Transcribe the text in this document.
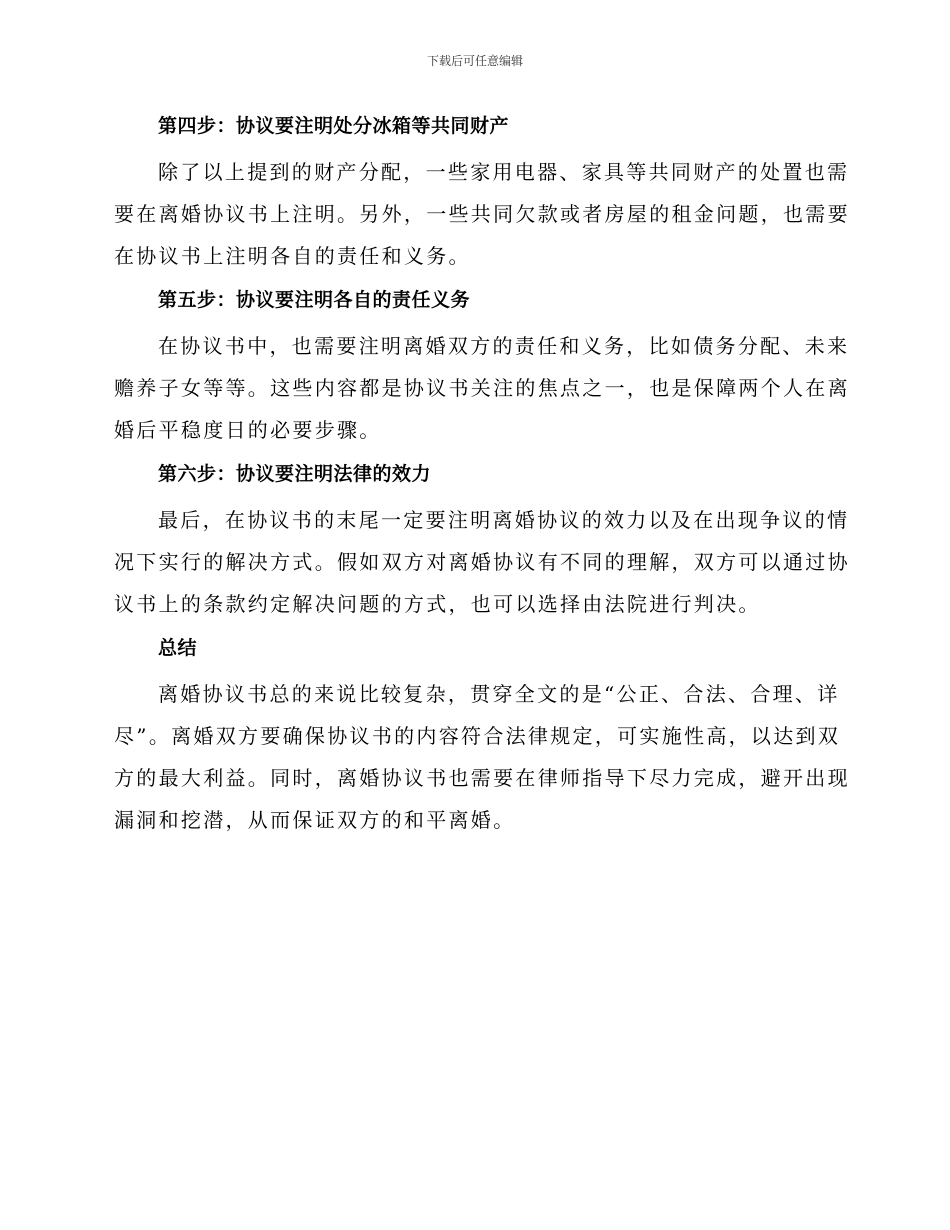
下载后可任意编辑
第四步：协议要注明处分冰箱等共同财产

除了以上提到的财产分配，一些家用电器、家具等共同财产的处置也需
要在离婚协议书上注明。另外，一些共同欠款或者房屋的租金问题，也需要
在协议书上注明各自的责任和义务。

第五步：协议要注明各自的责任义务

在协议书中，也需要注明离婚双方的责任和义务，比如债务分配、未来
赡养子女等等。这些内容都是协议书关注的焦点之一，也是保障两个人在离
婚后平稳度日的必要步骤。

第六步：协议要注明法律的效力

最后，在协议书的末尾一定要注明离婚协议的效力以及在出现争议的情
况下实行的解决方式。假如双方对离婚协议有不同的理解，双方可以通过协
议书上的条款约定解决问题的方式，也可以选择由法院进行判决。

总结

离婚协议书总的来说比较复杂，贯穿全文的是“公正、合法、合理、详
尽”。离婚双方要确保协议书的内容符合法律规定，可实施性高，以达到双
方的最大利益。同时，离婚协议书也需要在律师指导下尽力完成，避开出现
漏洞和挖潜，从而保证双方的和平离婚。
